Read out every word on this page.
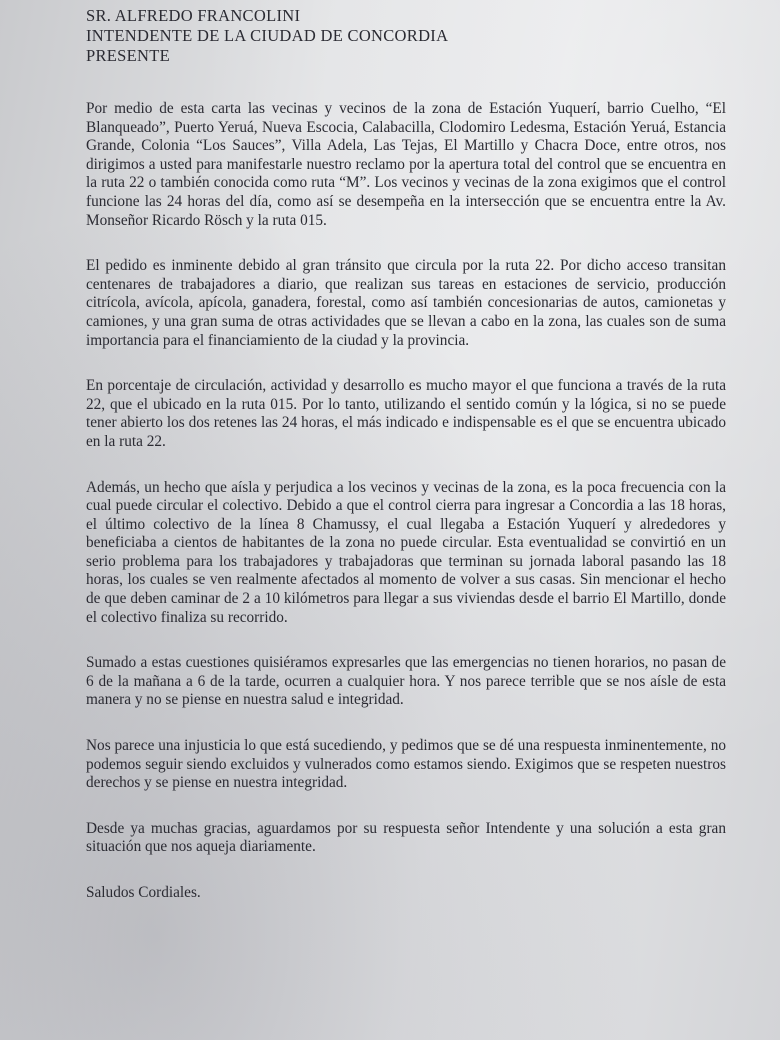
SR. ALFREDO FRANCOLINI

INTENDENTE DE LA CIUDAD DE CONCORDIA

PRESENTE

Por medio de esta carta las vecinas y vecinos de la zona de Estación Yuquerí, barrio Cuelho, “El Blanqueado”, Puerto Yeruá, Nueva Escocia, Calabacilla, Clodomiro Ledesma, Estación Yeruá, Estancia Grande, Colonia “Los Sauces”, Villa Adela, Las Tejas, El Martillo y Chacra Doce, entre otros, nos dirigimos a usted para manifestarle nuestro reclamo por la apertura total del control que se encuentra en la ruta 22 o también conocida como ruta “M”. Los vecinos y vecinas de la zona exigimos que el control funcione las 24 horas del día, como así se desempeña en la intersección que se encuentra entre la Av. Monseñor Ricardo Rösch y la ruta 015.

El pedido es inminente debido al gran tránsito que circula por la ruta 22. Por dicho acceso transitan centenares de trabajadores a diario, que realizan sus tareas en estaciones de servicio, producción citrícola, avícola, apícola, ganadera, forestal, como así también concesionarias de autos, camionetas y camiones, y una gran suma de otras actividades que se llevan a cabo en la zona, las cuales son de suma importancia para el financiamiento de la ciudad y la provincia.

En porcentaje de circulación, actividad y desarrollo es mucho mayor el que funciona a través de la ruta 22, que el ubicado en la ruta 015. Por lo tanto, utilizando el sentido común y la lógica, si no se puede tener abierto los dos retenes las 24 horas, el más indicado e indispensable es el que se encuentra ubicado en la ruta 22.

Además, un hecho que aísla y perjudica a los vecinos y vecinas de la zona, es la poca frecuencia con la cual puede circular el colectivo. Debido a que el control cierra para ingresar a Concordia a las 18 horas, el último colectivo de la línea 8 Chamussy, el cual llegaba a Estación Yuquerí y alrededores y beneficiaba a cientos de habitantes de la zona no puede circular. Esta eventualidad se convirtió en un serio problema para los trabajadores y trabajadoras que terminan su jornada laboral pasando las 18 horas, los cuales se ven realmente afectados al momento de volver a sus casas. Sin mencionar el hecho de que deben caminar de 2 a 10 kilómetros para llegar a sus viviendas desde el barrio El Martillo, donde el colectivo finaliza su recorrido.

Sumado a estas cuestiones quisiéramos expresarles que las emergencias no tienen horarios, no pasan de 6 de la mañana a 6 de la tarde, ocurren a cualquier hora. Y nos parece terrible que se nos aísle de esta manera y no se piense en nuestra salud e integridad.

Nos parece una injusticia lo que está sucediendo, y pedimos que se dé una respuesta inminentemente, no podemos seguir siendo excluidos y vulnerados como estamos siendo. Exigimos que se respeten nuestros derechos y se piense en nuestra integridad.

Desde ya muchas gracias, aguardamos por su respuesta señor Intendente y una solución a esta gran situación que nos aqueja diariamente.

Saludos Cordiales.
